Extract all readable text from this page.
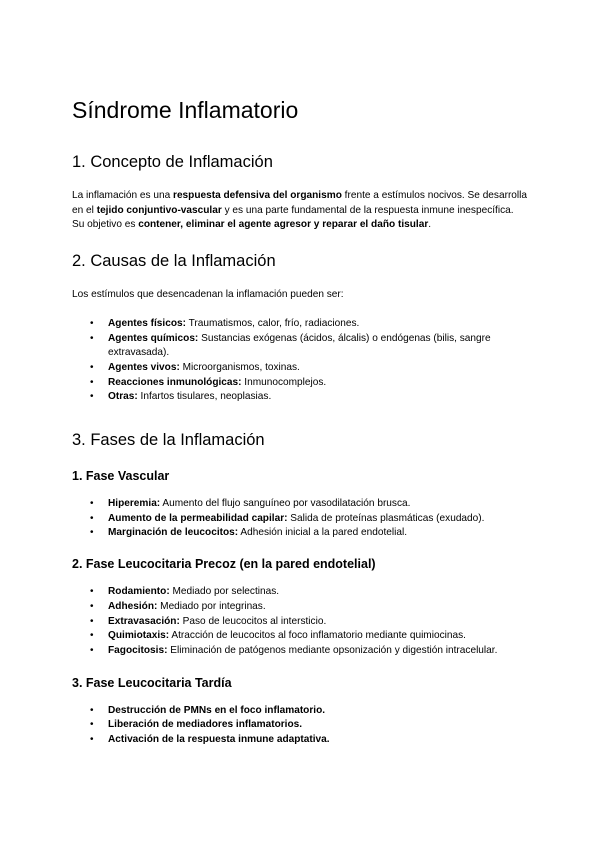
Síndrome Inflamatorio
1. Concepto de Inflamación

La inflamación es una respuesta defensiva del organismo frente a estímulos nocivos. Se desarrolla en el tejido conjuntivo-vascular y es una parte fundamental de la respuesta inmune inespecífica. Su objetivo es contener, eliminar el agente agresor y reparar el daño tisular.

2. Causas de la Inflamación

Los estímulos que desencadenan la inflamación pueden ser:

• Agentes físicos: Traumatismos, calor, frío, radiaciones.
• Agentes químicos: Sustancias exógenas (ácidos, álcalis) o endógenas (bilis, sangre extravasada).
• Agentes vivos: Microorganismos, toxinas.
• Reacciones inmunológicas: Inmunocomplejos.
• Otras: Infartos tisulares, neoplasias.
3. Fases de la Inflamación
1. Fase Vascular
• Hiperemia: Aumento del flujo sanguíneo por vasodilatación brusca.
• Aumento de la permeabilidad capilar: Salida de proteínas plasmáticas (exudado).
• Marginación de leucocitos: Adhesión inicial a la pared endotelial.
2. Fase Leucocitaria Precoz (en la pared endotelial)
• Rodamiento: Mediado por selectinas.
• Adhesión: Mediado por integrinas.
• Extravasación: Paso de leucocitos al intersticio.
• Quimiotaxis: Atracción de leucocitos al foco inflamatorio mediante quimiocinas.
• Fagocitosis: Eliminación de patógenos mediante opsonización y digestión intracelular.
3. Fase Leucocitaria Tardía
• Destrucción de PMNs en el foco inflamatorio.
• Liberación de mediadores inflamatorios.
• Activación de la respuesta inmune adaptativa.
